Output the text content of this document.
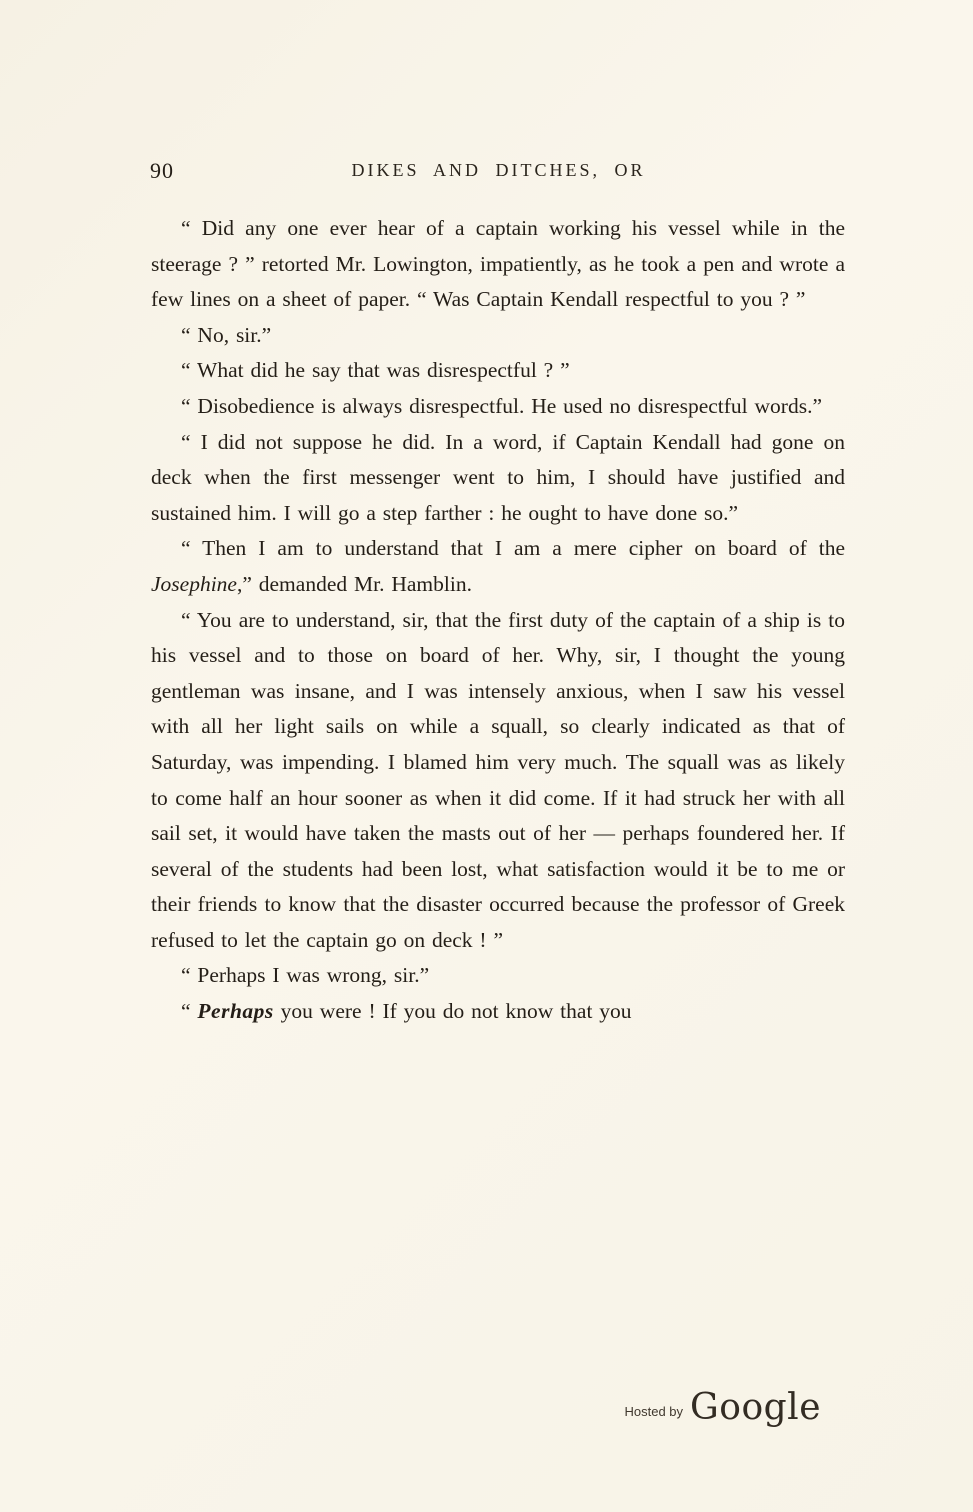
90	DIKES AND DITCHES, OR

“ Did any one ever hear of a captain working his vessel while in the steerage ? ” retorted Mr. Lowington, impatiently, as he took a pen and wrote a few lines on a sheet of paper. “ Was Captain Kendall respectful to you ? ”

“ No, sir.”

“ What did he say that was disrespectful ? ”

“ Disobedience is always disrespectful. He used no disrespectful words.”

“ I did not suppose he did. In a word, if Captain Kendall had gone on deck when the first messenger went to him, I should have justified and sustained him. I will go a step farther : he ought to have done so.”

“ Then I am to understand that I am a mere cipher on board of the Josephine,” demanded Mr. Hamblin.

“ You are to understand, sir, that the first duty of the captain of a ship is to his vessel and to those on board of her. Why, sir, I thought the young gentleman was insane, and I was intensely anxious, when I saw his vessel with all her light sails on while a squall, so clearly indicated as that of Saturday, was impending. I blamed him very much. The squall was as likely to come half an hour sooner as when it did come. If it had struck her with all sail set, it would have taken the masts out of her — perhaps foundered her. If several of the students had been lost, what satisfaction would it be to me or their friends to know that the disaster occurred because the professor of Greek refused to let the captain go on deck ! ”

“ Perhaps I was wrong, sir.”

“ Perhaps you were ! If you do not know that you

Hosted by Google
